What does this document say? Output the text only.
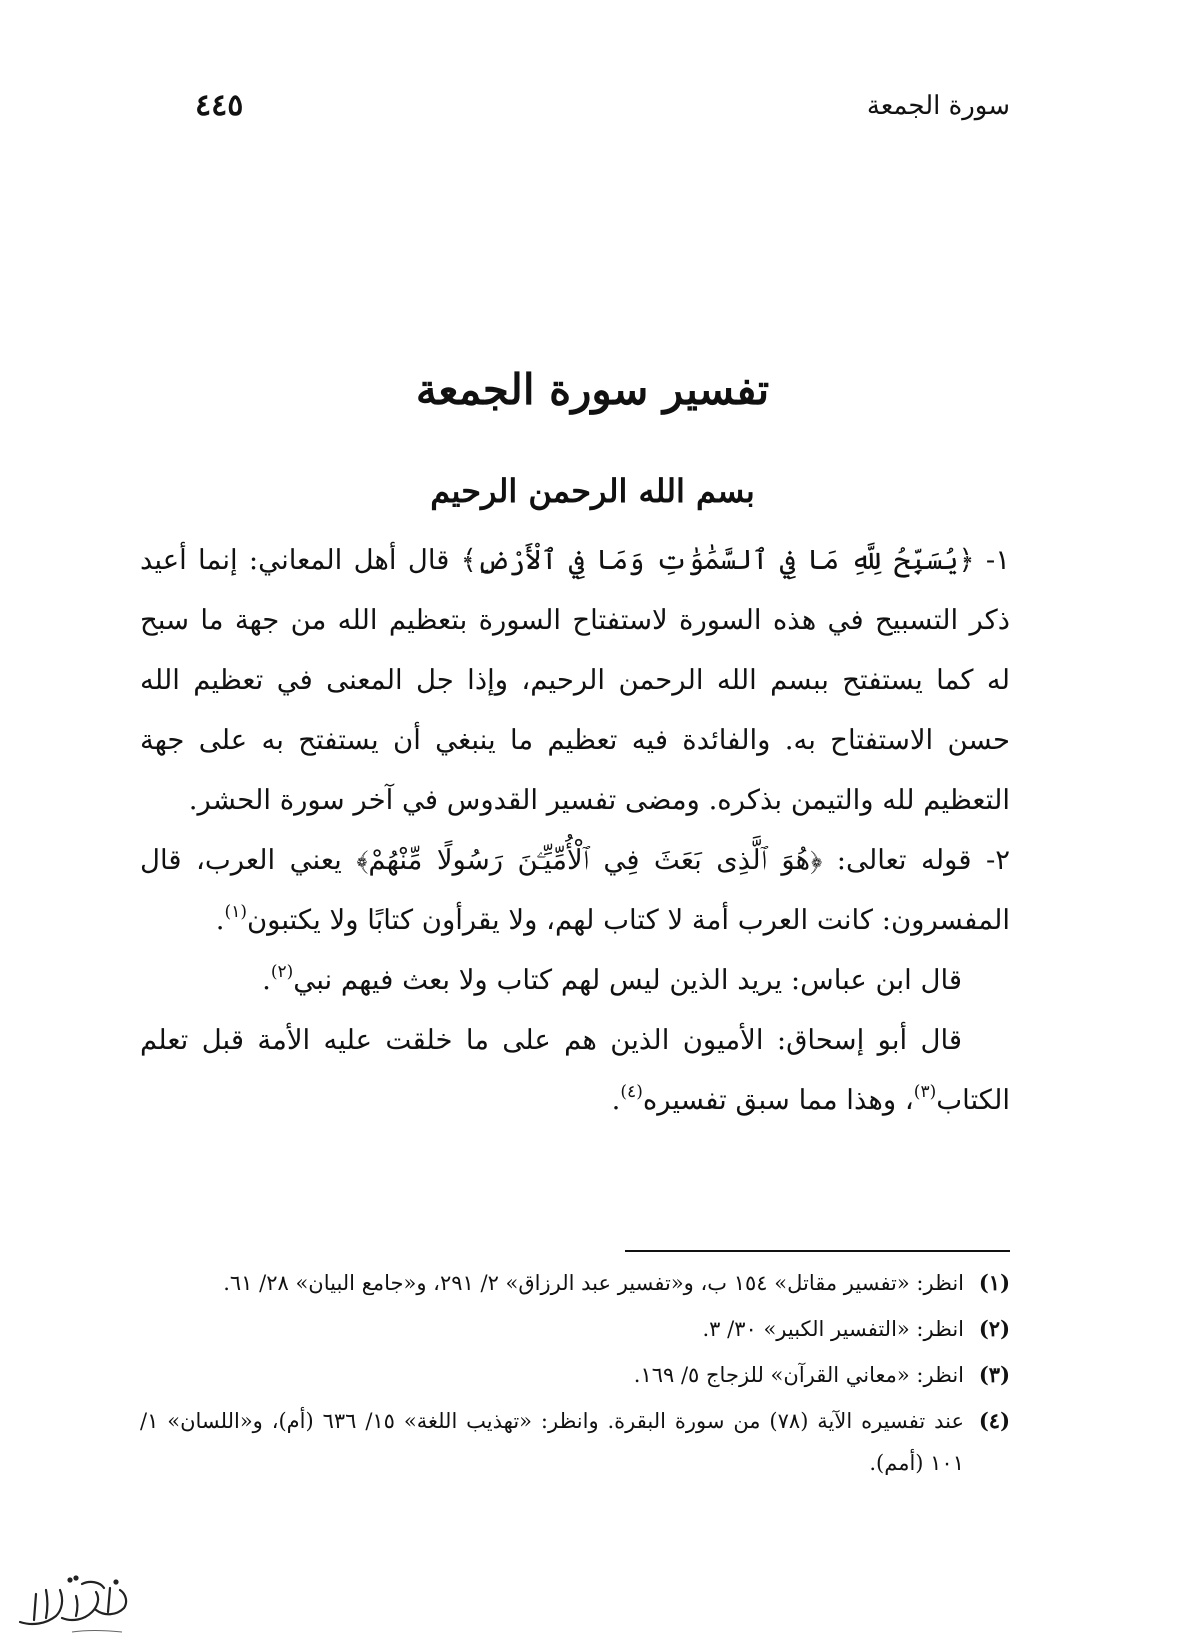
سورة الجمعة
٤٤٥
تفسير سورة الجمعة
بسم الله الرحمن الرحيم

١- ﴿يُسَبِّحُ لِلَّهِ مَا فِي ٱلسَّمَٰوَٰتِ وَمَا فِي ٱلْأَرْضِ﴾ قال أهل المعاني: إنما أعيد ذكر التسبيح في هذه السورة لاستفتاح السورة بتعظيم الله من جهة ما سبح له كما يستفتح ببسم الله الرحمن الرحيم، وإذا جل المعنى في تعظيم الله حسن الاستفتاح به. والفائدة فيه تعظيم ما ينبغي أن يستفتح به على جهة التعظيم لله والتيمن بذكره. ومضى تفسير القدوس في آخر سورة الحشر.

٢- قوله تعالى: ﴿هُوَ ٱلَّذِى بَعَثَ فِي ٱلْأُمِّيِّـۧنَ رَسُولًا مِّنْهُمْ﴾ يعني العرب، قال المفسرون: كانت العرب أمة لا كتاب لهم، ولا يقرأون كتابًا ولا يكتبون$^{(١)}$.

قال ابن عباس: يريد الذين ليس لهم كتاب ولا بعث فيهم نبي$^{(٢)}$.

قال أبو إسحاق: الأميون الذين هم على ما خلقت عليه الأمة قبل تعلم الكتاب$^{(٣)}$، وهذا مما سبق تفسيره$^{(٤)}$.

(١)
انظر: «تفسير مقاتل» ١٥٤ ب، و«تفسير عبد الرزاق» ٢/ ٢٩١، و«جامع البيان» ٢٨/ ٦١.

(٢)
انظر: «التفسير الكبير» ٣٠/ ٣.

(٣)
انظر: «معاني القرآن» للزجاج ٥/ ١٦٩.

(٤)
عند تفسيره الآية (٧٨) من سورة البقرة. وانظر: «تهذيب اللغة» ١٥/ ٦٣٦ (أم)، و«اللسان» ١/ ١٠١ (أمم).
